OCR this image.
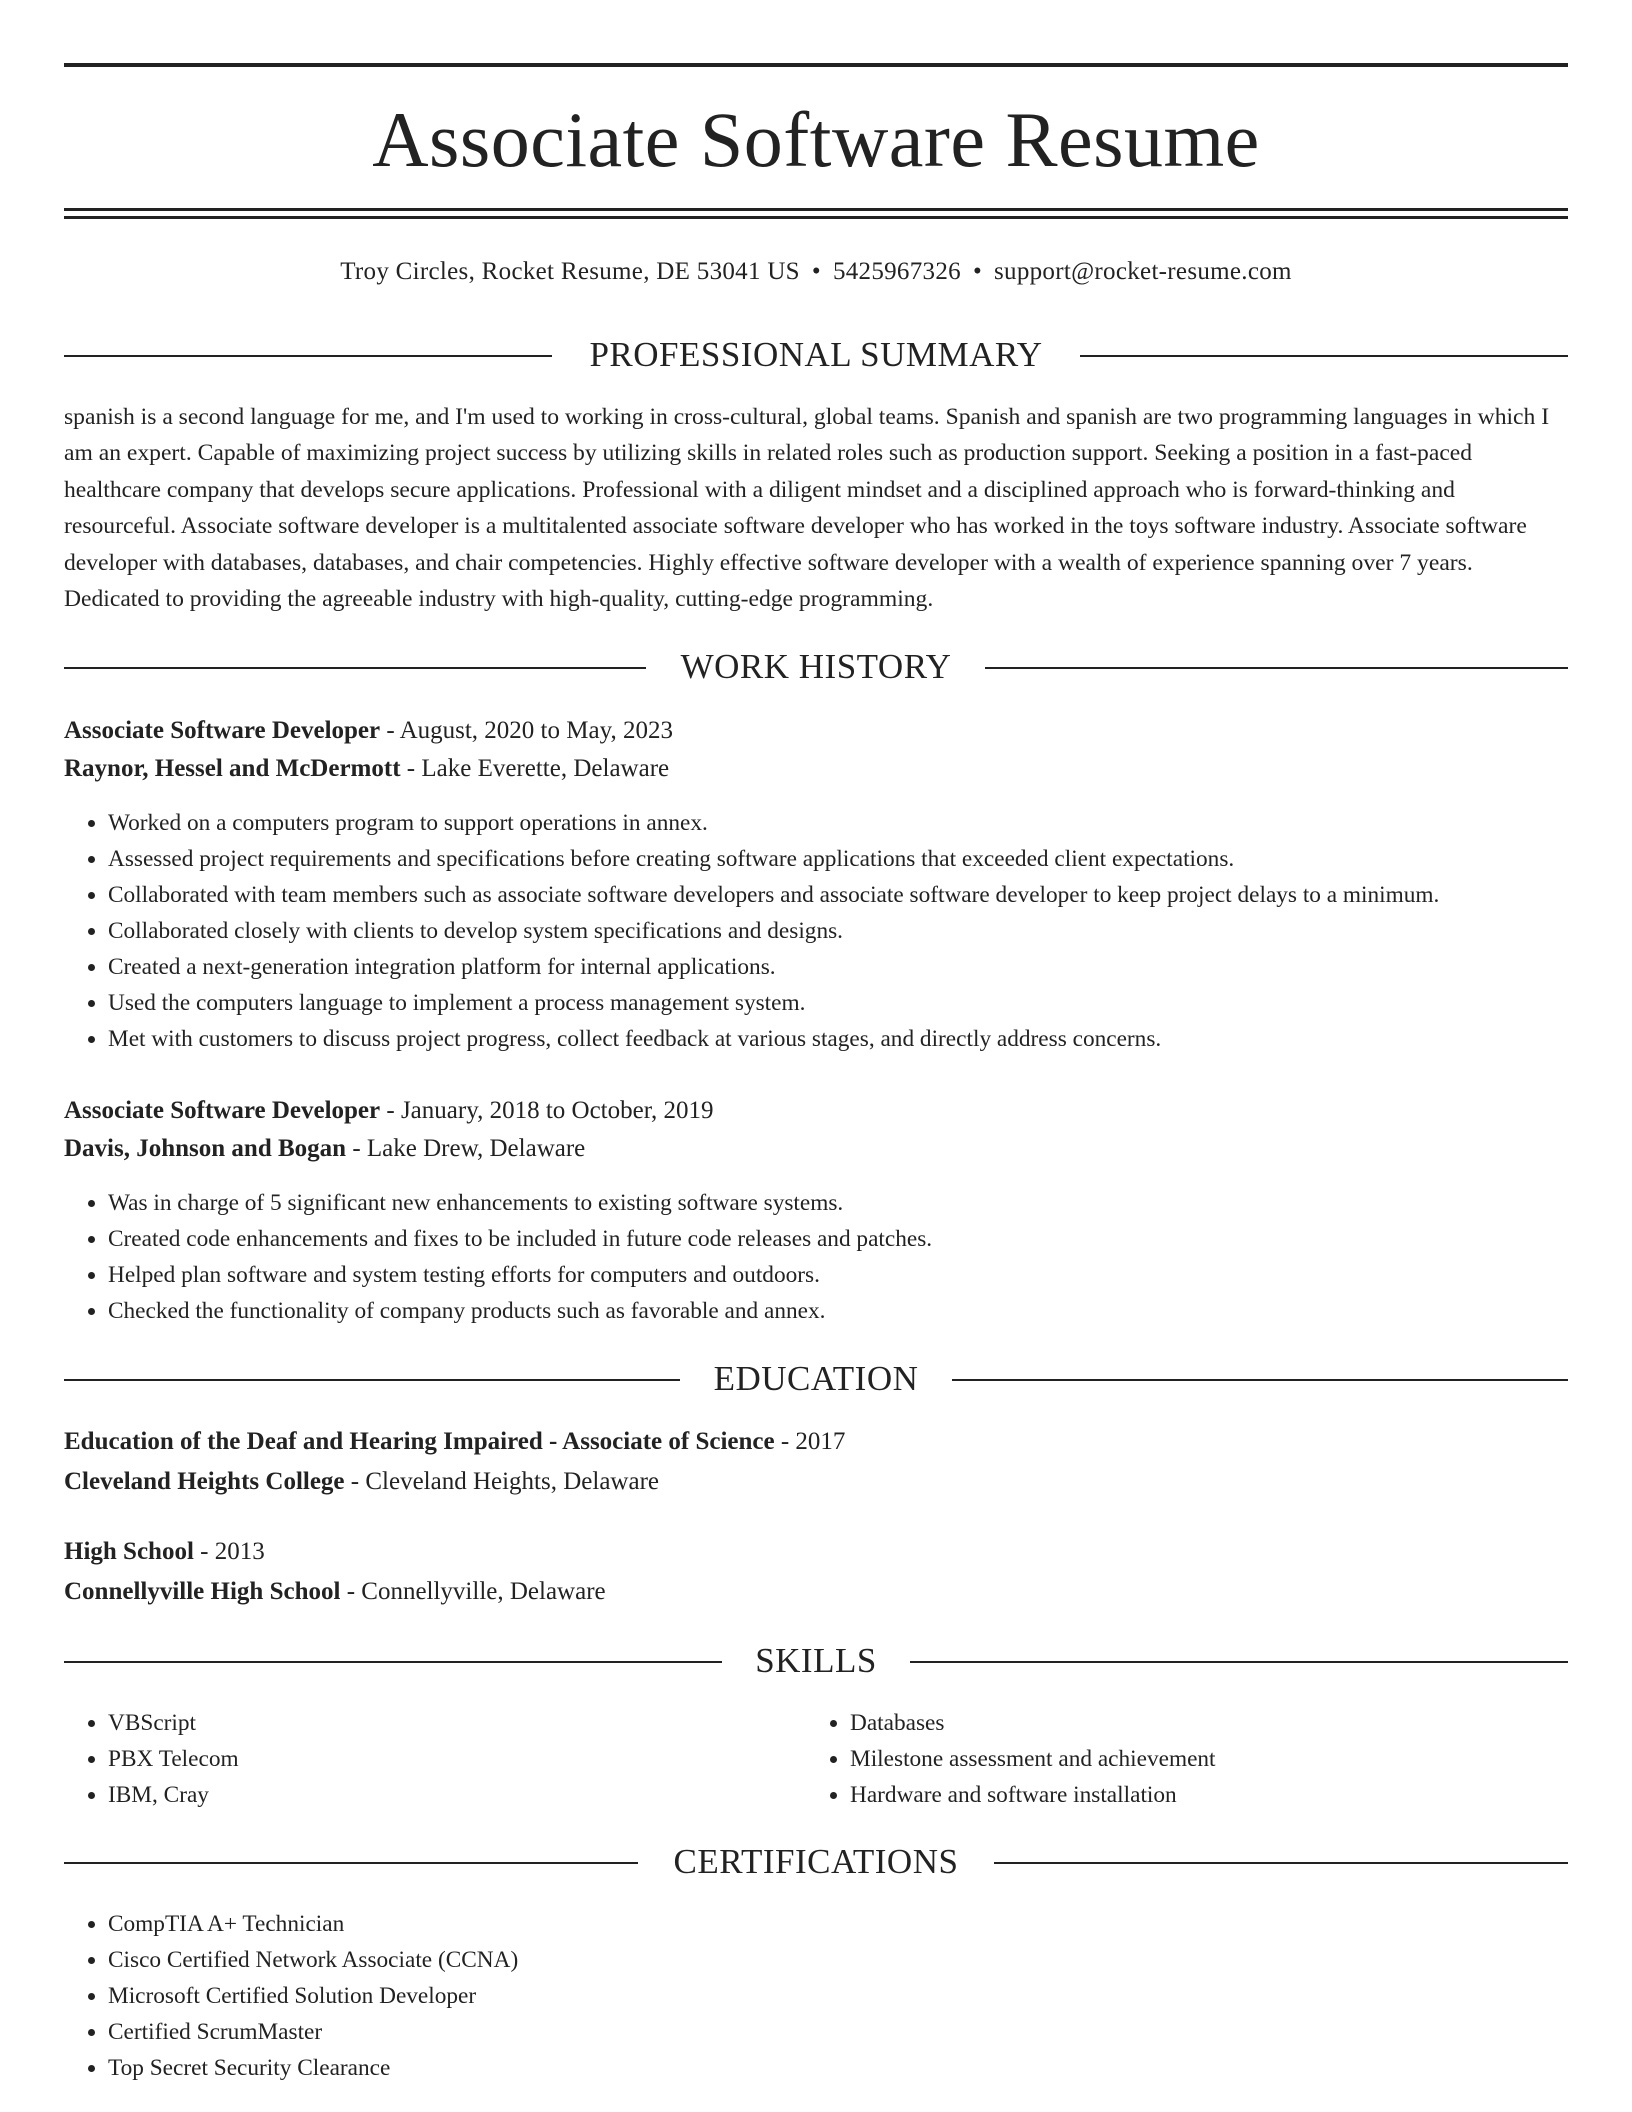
Associate Software Resume
Troy Circles, Rocket Resume, DE 53041 US • 5425967326 • support@rocket-resume.com
PROFESSIONAL SUMMARY
spanish is a second language for me, and I'm used to working in cross-cultural, global teams. Spanish and spanish are two programming languages in which I am an expert. Capable of maximizing project success by utilizing skills in related roles such as production support. Seeking a position in a fast-paced healthcare company that develops secure applications. Professional with a diligent mindset and a disciplined approach who is forward-thinking and resourceful. Associate software developer is a multitalented associate software developer who has worked in the toys software industry. Associate software developer with databases, databases, and chair competencies. Highly effective software developer with a wealth of experience spanning over 7 years. Dedicated to providing the agreeable industry with high-quality, cutting-edge programming.
WORK HISTORY
Associate Software Developer - August, 2020 to May, 2023
Raynor, Hessel and McDermott - Lake Everette, Delaware
• Worked on a computers program to support operations in annex.
• Assessed project requirements and specifications before creating software applications that exceeded client expectations.
• Collaborated with team members such as associate software developers and associate software developer to keep project delays to a minimum.
• Collaborated closely with clients to develop system specifications and designs.
• Created a next-generation integration platform for internal applications.
• Used the computers language to implement a process management system.
• Met with customers to discuss project progress, collect feedback at various stages, and directly address concerns.
Associate Software Developer - January, 2018 to October, 2019
Davis, Johnson and Bogan - Lake Drew, Delaware
• Was in charge of 5 significant new enhancements to existing software systems.
• Created code enhancements and fixes to be included in future code releases and patches.
• Helped plan software and system testing efforts for computers and outdoors.
• Checked the functionality of company products such as favorable and annex.
EDUCATION
Education of the Deaf and Hearing Impaired - Associate of Science - 2017
Cleveland Heights College - Cleveland Heights, Delaware
High School - 2013
Connellyville High School - Connellyville, Delaware
SKILLS
• VBScript
• PBX Telecom
• IBM, Cray
• Databases
• Milestone assessment and achievement
• Hardware and software installation
CERTIFICATIONS
• CompTIA A+ Technician
• Cisco Certified Network Associate (CCNA)
• Microsoft Certified Solution Developer
• Certified ScrumMaster
• Top Secret Security Clearance
